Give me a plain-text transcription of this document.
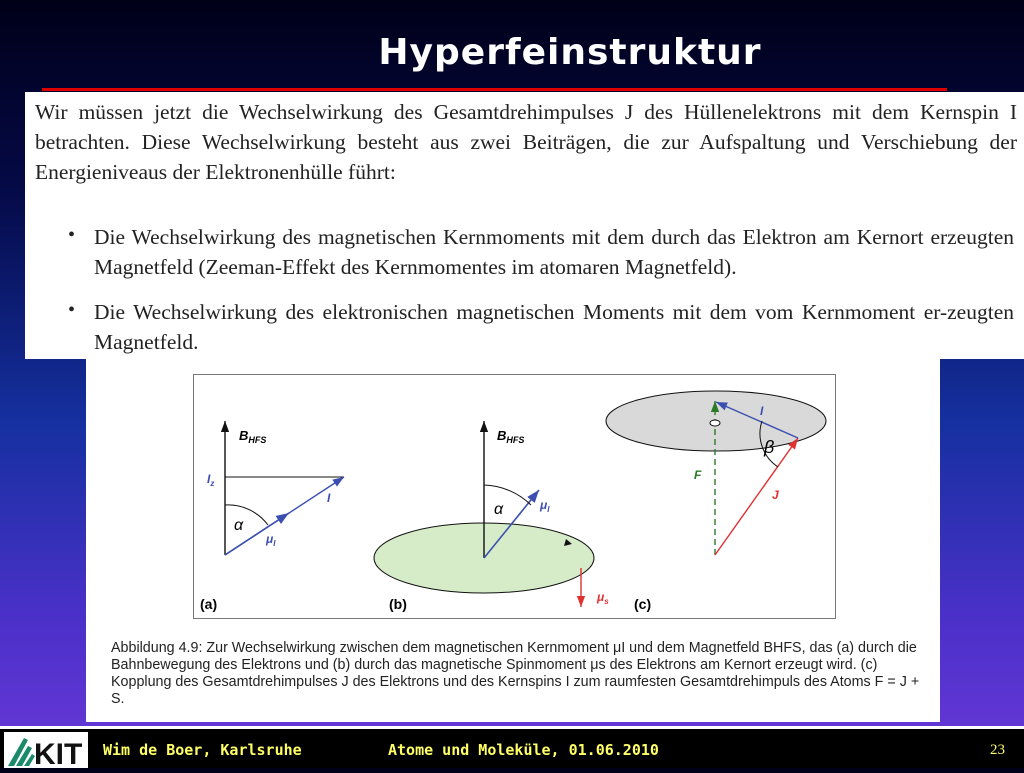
Hyperfeinstruktur

Wir müssen jetzt die Wechselwirkung des Gesamtdrehimpulses J des Hüllenelektrons mit dem Kernspin I betrachten. Diese Wechselwirkung besteht aus zwei Beiträgen, die zur Aufspaltung und Verschiebung der Energieniveaus der Elektronenhülle führt:

• Die Wechselwirkung des magnetischen Kernmoments mit dem durch das Elektron am Kernort erzeugten Magnetfeld (Zeeman-Effekt des Kernmomentes im atomaren Magnetfeld).

• Die Wechselwirkung des elektronischen magnetischen Moments mit dem vom Kernmoment er-zeugten Magnetfeld.

$B_{HFS}$
$I_z$
I
α
$\mu_I$
(a)
$B_{HFS}$
α	$\mu_I$
$\mu_s$
(b)
I
β
F
J
(c)
Abbildung 4.9: Zur Wechselwirkung zwischen dem magnetischen Kernmoment μI und dem Magnetfeld BHFS, das (a) durch die Bahnbewegung des Elektrons und (b) durch das magnetische Spinmoment μs des Elektrons am Kernort erzeugt wird. (c) Kopplung des Gesamtdrehimpulses J des Elektrons und des Kernspins I zum raumfesten Gesamtdrehimpuls des Atoms F = J + S.
KIT Wim de Boer, Karlsruhe	Atome und Moleküle, 01.06.2010	23
